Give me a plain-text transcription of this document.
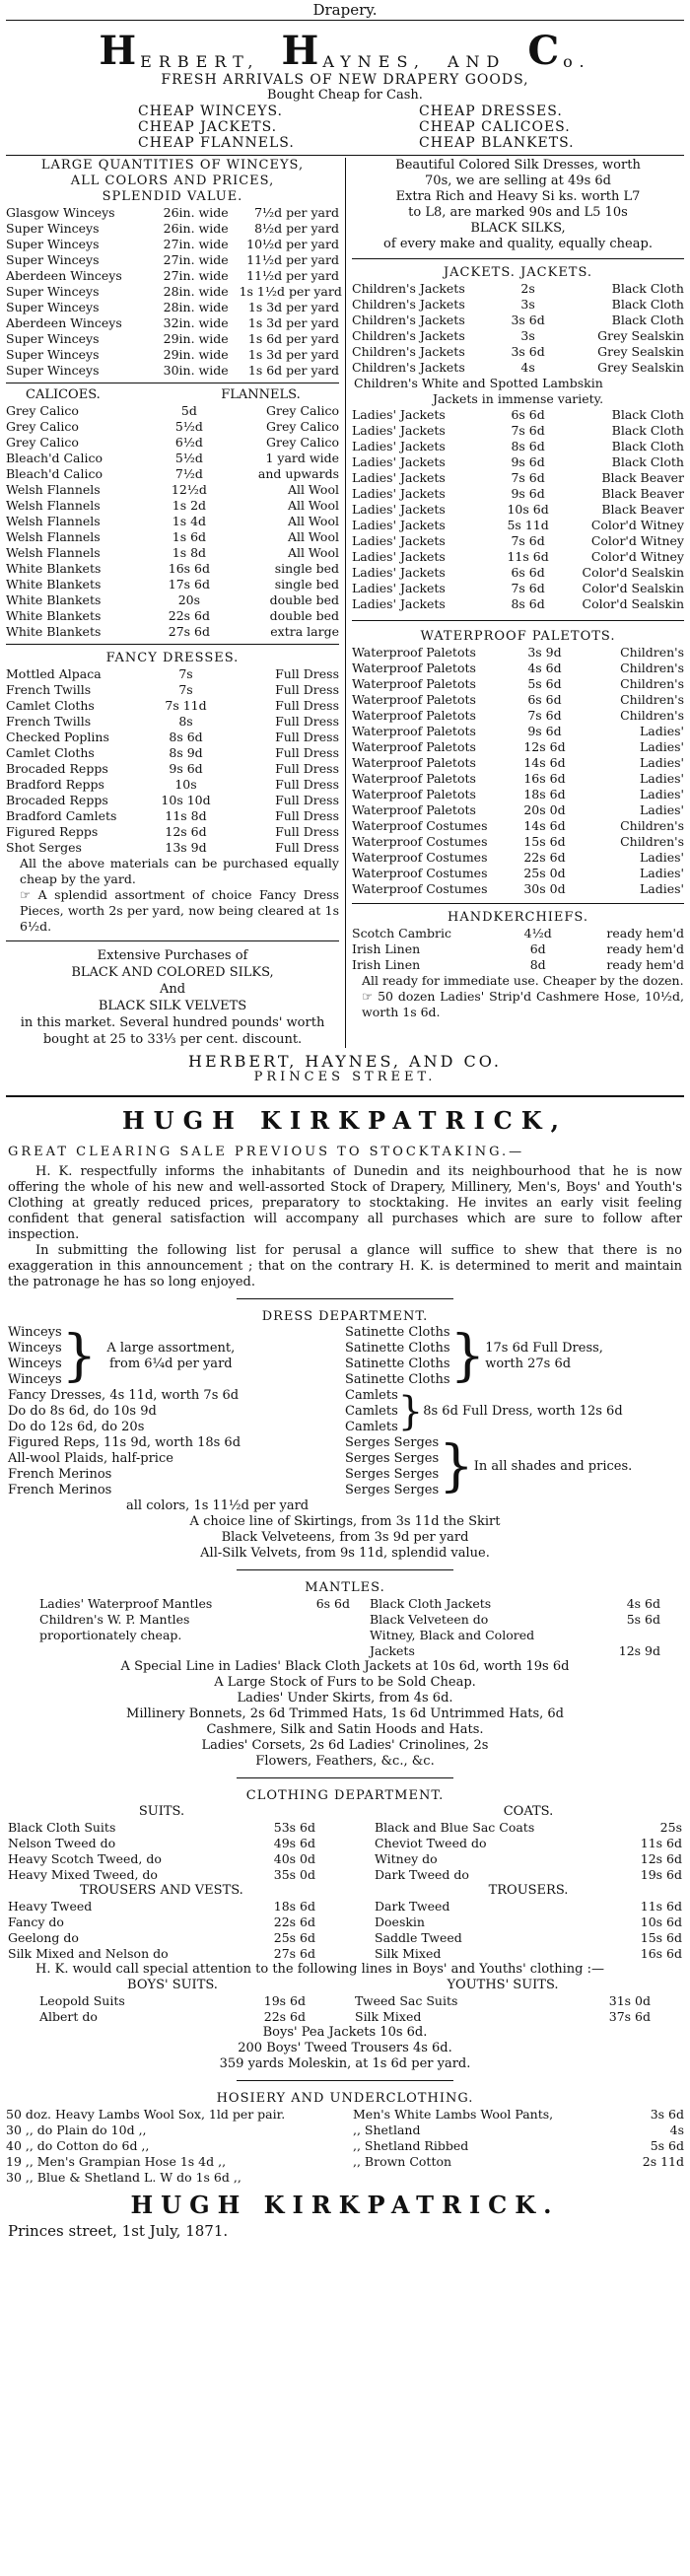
Drapery.
H ERBERT, H AYNES, AND C o.
FRESH ARRIVALS OF NEW DRAPERY GOODS,
Bought Cheap for Cash.
CHEAP WINCEYS.
CHEAP JACKETS.
CHEAP FLANNELS.
CHEAP DRESSES.
CHEAP CALICOES.
CHEAP BLANKETS.
LARGE QUANTITIES OF WINCEYS,
ALL COLORS AND PRICES,
SPLENDID VALUE.
Glasgow Winceys	26in. wide	7½d per yard
Super Winceys	26in. wide	8½d per yard
Super Winceys	27in. wide	10½d per yard
Super Winceys	27in. wide	11½d per yard
Aberdeen Winceys	27in. wide	11½d per yard
Super Winceys	28in. wide 1s 1½d per yard
Super Winceys	28in. wide	1s 3d per yard
Aberdeen Winceys	32in. wide	1s 3d per yard
Super Winceys	29in. wide	1s 6d per yard
Super Winceys	29in. wide	1s 3d per yard
Super Winceys	30in. wide	1s 6d per yard
CALICOES.	FLANNELS.
Grey Calico	5d	Grey Calico
Grey Calico	5½d	Grey Calico
Grey Calico	6½d	Grey Calico
Bleach'd Calico	5½d	1 yard wide
Bleach'd Calico	7½d	and upwards
Welsh Flannels	12½d	All Wool
Welsh Flannels	1s 2d	All Wool
Welsh Flannels	1s 4d	All Wool
Welsh Flannels	1s 6d	All Wool
Welsh Flannels	1s 8d	All Wool
White Blankets	16s 6d	single bed
White Blankets	17s 6d	single bed
White Blankets	20s	double bed
White Blankets	22s 6d	double bed
White Blankets	27s 6d	extra large
FANCY DRESSES.
Mottled Alpaca	7s	Full Dress
French Twills	7s	Full Dress
Camlet Cloths	7s 11d	Full Dress
French Twills	8s	Full Dress
Checked Poplins	8s 6d	Full Dress
Camlet Cloths	8s 9d	Full Dress
Brocaded Repps	9s 6d	Full Dress
Bradford Repps	10s	Full Dress
Brocaded Repps	10s 10d	Full Dress
Bradford Camlets	11s 8d	Full Dress
Figured Repps	12s 6d	Full Dress
Shot Serges	13s 9d	Full Dress
All the above materials can be purchased equally cheap by the yard.
☞ A splendid assortment of choice Fancy Dress Pieces, worth 2s per yard, now being cleared at 1s 6½d.
Extensive Purchases of
BLACK AND COLORED SILKS,
And
BLACK SILK VELVETS
in this market. Several hundred pounds' worth bought at 25 to 33⅓ per cent. discount.
Beautiful Colored Silk Dresses, worth
70s, we are selling at 49s 6d
Extra Rich and Heavy Si ks. worth L7
to L8, are marked 90s and L5 10s
BLACK SILKS,
of every make and quality, equally cheap.
JACKETS. JACKETS.
Children's Jackets	2s	Black Cloth
Children's Jackets	3s	Black Cloth
Children's Jackets	3s 6d	Black Cloth
Children's Jackets	3s	Grey Sealskin
Children's Jackets	3s 6d	Grey Sealskin
Children's Jackets	4s	Grey Sealskin
Children's White and Spotted Lambskin
Jackets in immense variety.
Ladies' Jackets	6s 6d	Black Cloth
Ladies' Jackets	7s 6d	Black Cloth
Ladies' Jackets	8s 6d	Black Cloth
Ladies' Jackets	9s 6d	Black Cloth
Ladies' Jackets	7s 6d	Black Beaver
Ladies' Jackets	9s 6d	Black Beaver
Ladies' Jackets	10s 6d	Black Beaver
Ladies' Jackets	5s 11d	Color'd Witney
Ladies' Jackets	7s 6d	Color'd Witney
Ladies' Jackets	11s 6d	Color'd Witney
Ladies' Jackets	6s 6d	Color'd Sealskin
Ladies' Jackets	7s 6d	Color'd Sealskin
Ladies' Jackets	8s 6d	Color'd Sealskin
WATERPROOF PALETOTS.
Waterproof Paletots	3s 9d	Children's
Waterproof Paletots	4s 6d	Children's
Waterproof Paletots	5s 6d	Children's
Waterproof Paletots	6s 6d	Children's
Waterproof Paletots	7s 6d	Children's
Waterproof Paletots	9s 6d	Ladies'
Waterproof Paletots	12s 6d	Ladies'
Waterproof Paletots	14s 6d	Ladies'
Waterproof Paletots	16s 6d	Ladies'
Waterproof Paletots	18s 6d	Ladies'
Waterproof Paletots	20s 0d	Ladies'
Waterproof Costumes	14s 6d	Children's
Waterproof Costumes	15s 6d	Children's
Waterproof Costumes	22s 6d	Ladies'
Waterproof Costumes	25s 0d	Ladies'
Waterproof Costumes	30s 0d	Ladies'
HANDKERCHIEFS.
Scotch Cambric	4½d	ready hem'd
Irish Linen	6d	ready hem'd
Irish Linen	8d	ready hem'd
All ready for immediate use. Cheaper by the dozen.
☞ 50 dozen Ladies' Strip'd Cashmere Hose, 10½d, worth 1s 6d.
HERBERT, HAYNES, AND CO.
PRINCES STREET.
HUGH KIRKPATRICK,
GREAT CLEARING SALE PREVIOUS TO STOCKTAKING.—
H. K. respectfully informs the inhabitants of Dunedin and its neighbourhood that he is now offering the whole of his new and well-assorted Stock of Drapery, Millinery, Men's, Boys' and Youth's Clothing at greatly reduced prices, preparatory to stocktaking. He invites an early visit feeling confident that general satisfaction will accompany all purchases which are sure to follow after inspection.
In submitting the following list for perusal a glance will suffice to shew that there is no exaggeration in this announcement ; that on the contrary H. K. is determined to merit and maintain the patronage he has so long enjoyed.
DRESS DEPARTMENT.
Winceys
Winceys
Winceys
Winceys } A large assortment, from 6¼d per yard
Fancy Dresses, 4s 11d, worth 7s 6d
Do do 8s 6d, do 10s 9d
Do do 12s 6d, do 20s
Figured Reps, 11s 9d, worth 18s 6d
All-wool Plaids, half-price
French Merinos
French Merinos
all colors, 1s 11½d per yard
Satinette Cloths
Satinette Cloths
Satinette Cloths
Satinette Cloths } 17s 6d Full Dress, worth 27s 6d
Camlets
Camlets
Camlets } 8s 6d Full Dress, worth 12s 6d
Serges Serges
Serges Serges
Serges Serges
Serges Serges } In all shades and prices.
A choice line of Skirtings, from 3s 11d the Skirt
Black Velveteens, from 3s 9d per yard
All-Silk Velvets, from 9s 11d, splendid value.
MANTLES.
Ladies' Waterproof Mantles	6s 6d
Children's W. P. Mantles
proportionately cheap.
Black Cloth Jackets	4s 6d
Black Velveteen do	5s 6d
Witney, Black and Colored
Jackets	12s 9d
A Special Line in Ladies' Black Cloth Jackets at 10s 6d, worth 19s 6d
A Large Stock of Furs to be Sold Cheap.
Ladies' Under Skirts, from 4s 6d.
Millinery Bonnets, 2s 6d Trimmed Hats, 1s 6d Untrimmed Hats, 6d
Cashmere, Silk and Satin Hoods and Hats.
Ladies' Corsets, 2s 6d Ladies' Crinolines, 2s
Flowers, Feathers, &c., &c.
CLOTHING DEPARTMENT.
SUITS.
Black Cloth Suits	53s 6d
Nelson Tweed do	49s 6d
Heavy Scotch Tweed, do	40s 0d
Heavy Mixed Tweed, do	35s 0d
TROUSERS AND VESTS.
Heavy Tweed	18s 6d
Fancy do	22s 6d
Geelong do	25s 6d
Silk Mixed and Nelson do	27s 6d
COATS.
Black and Blue Sac Coats	25s
Cheviot Tweed do	11s 6d
Witney do	12s 6d
Dark Tweed do	19s 6d
TROUSERS.
Dark Tweed	11s 6d
Doeskin	10s 6d
Saddle Tweed	15s 6d
Silk Mixed	16s 6d
H. K. would call special attention to the following lines in Boys' and Youths' clothing :—
BOYS' SUITS.
Leopold Suits	19s 6d
Albert do	22s 6d
YOUTHS' SUITS.
Tweed Sac Suits	31s 0d
Silk Mixed	37s 6d
Boys' Pea Jackets 10s 6d.
200 Boys' Tweed Trousers 4s 6d.
359 yards Moleskin, at 1s 6d per yard.
HOSIERY AND UNDERCLOTHING.
50 doz. Heavy Lambs Wool Sox, 1ld per pair.
30 ,, do Plain do 10d ,,
40 ,, do Cotton do 6d ,,
19 ,, Men's Grampian Hose 1s 4d ,,
30 ,, Blue & Shetland L. W do 1s 6d ,,
Men's White Lambs Wool Pants,	3s 6d
,, Shetland	4s
,, Shetland Ribbed	5s 6d
,, Brown Cotton	2s 11d
HUGH KIRKPATRICK.
Princes street, 1st July, 1871.
